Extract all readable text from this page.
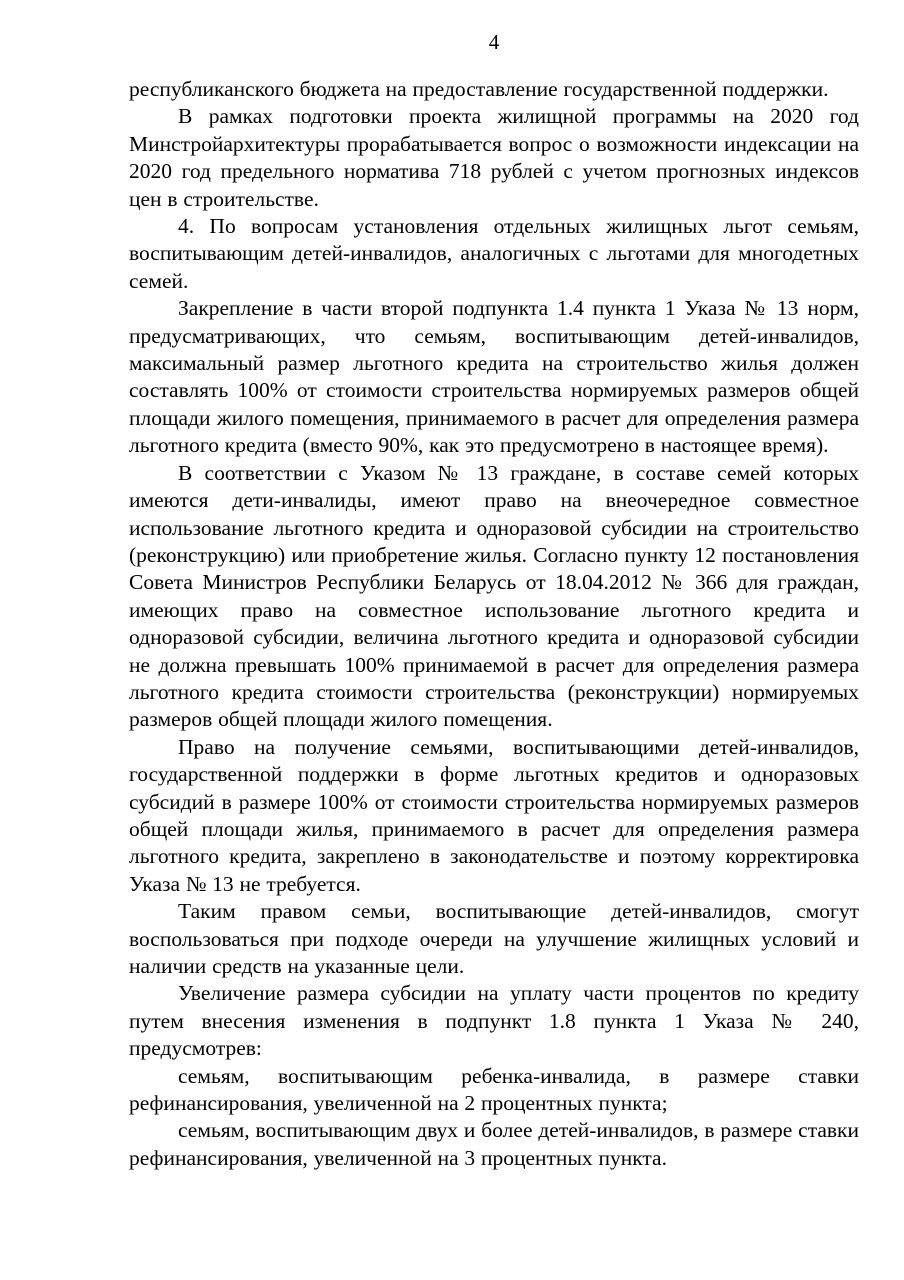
4

республиканского бюджета на предоставление государственной поддержки.

В рамках подготовки проекта жилищной программы на 2020 год Минстройархитектуры прорабатывается вопрос о возможности индексации на 2020 год предельного норматива 718 рублей с учетом прогнозных индексов цен в строительстве.

4. По вопросам установления отдельных жилищных льгот семьям, воспитывающим детей-инвалидов, аналогичных с льготами для многодетных семей.

Закрепление в части второй подпункта 1.4 пункта 1 Указа № 13 норм, предусматривающих, что семьям, воспитывающим детей-инвалидов, максимальный размер льготного кредита на строительство жилья должен составлять 100% от стоимости строительства нормируемых размеров общей площади жилого помещения, принимаемого в расчет для определения размера льготного кредита (вместо 90%, как это предусмотрено в настоящее время).

В соответствии с Указом № 13 граждане, в составе семей которых имеются дети-инвалиды, имеют право на внеочередное совместное использование льготного кредита и одноразовой субсидии на строительство (реконструкцию) или приобретение жилья. Согласно пункту 12 постановления Совета Министров Республики Беларусь от 18.04.2012 № 366 для граждан, имеющих право на совместное использование льготного кредита и одноразовой субсидии, величина льготного кредита и одноразовой субсидии не должна превышать 100% принимаемой в расчет для определения размера льготного кредита стоимости строительства (реконструкции) нормируемых размеров общей площади жилого помещения.

Право на получение семьями, воспитывающими детей-инвалидов, государственной поддержки в форме льготных кредитов и одноразовых субсидий в размере 100% от стоимости строительства нормируемых размеров общей площади жилья, принимаемого в расчет для определения размера льготного кредита, закреплено в законодательстве и поэтому корректировка Указа № 13 не требуется.

Таким правом семьи, воспитывающие детей-инвалидов, смогут воспользоваться при подходе очереди на улучшение жилищных условий и наличии средств на указанные цели.

Увеличение размера субсидии на уплату части процентов по кредиту путем внесения изменения в подпункт 1.8 пункта 1 Указа № 240, предусмотрев:

семьям, воспитывающим ребенка-инвалида, в размере ставки рефинансирования, увеличенной на 2 процентных пункта;

семьям, воспитывающим двух и более детей-инвалидов, в размере ставки рефинансирования, увеличенной на 3 процентных пункта.
